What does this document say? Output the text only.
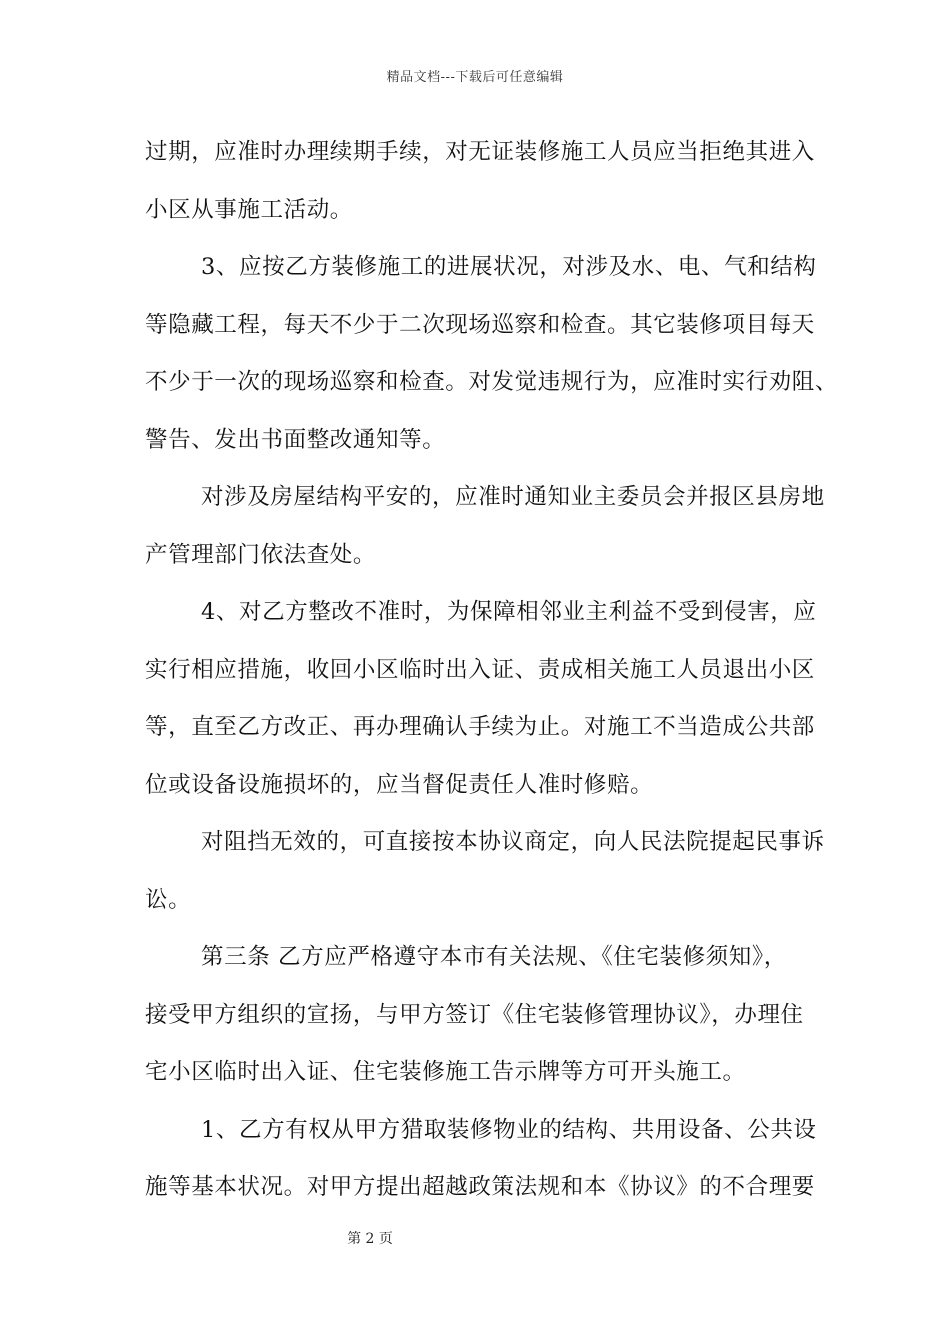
精品文档---下载后可任意编辑
过期，应准时办理续期手续，对无证装修施工人员应当拒绝其进入
小区从事施工活动。
3、应按乙方装修施工的进展状况，对涉及水、电、气和结构
等隐藏工程，每天不少于二次现场巡察和检查。其它装修项目每天
不少于一次的现场巡察和检查。对发觉违规行为，应准时实行劝阻、
警告、发出书面整改通知等。
对涉及房屋结构平安的，应准时通知业主委员会并报区县房地
产管理部门依法查处。
4、对乙方整改不准时，为保障相邻业主利益不受到侵害，应
实行相应措施，收回小区临时出入证、责成相关施工人员退出小区
等，直至乙方改正、再办理确认手续为止。对施工不当造成公共部
位或设备设施损坏的，应当督促责任人准时修赔。
对阻挡无效的，可直接按本协议商定，向人民法院提起民事诉
讼。
第三条 乙方应严格遵守本市有关法规、《住宅装修须知》，
接受甲方组织的宣扬，与甲方签订《住宅装修管理协议》，办理住
宅小区临时出入证、住宅装修施工告示牌等方可开头施工。
1、乙方有权从甲方猎取装修物业的结构、共用设备、公共设
施等基本状况。对甲方提出超越政策法规和本《协议》的不合理要
第 2 页
